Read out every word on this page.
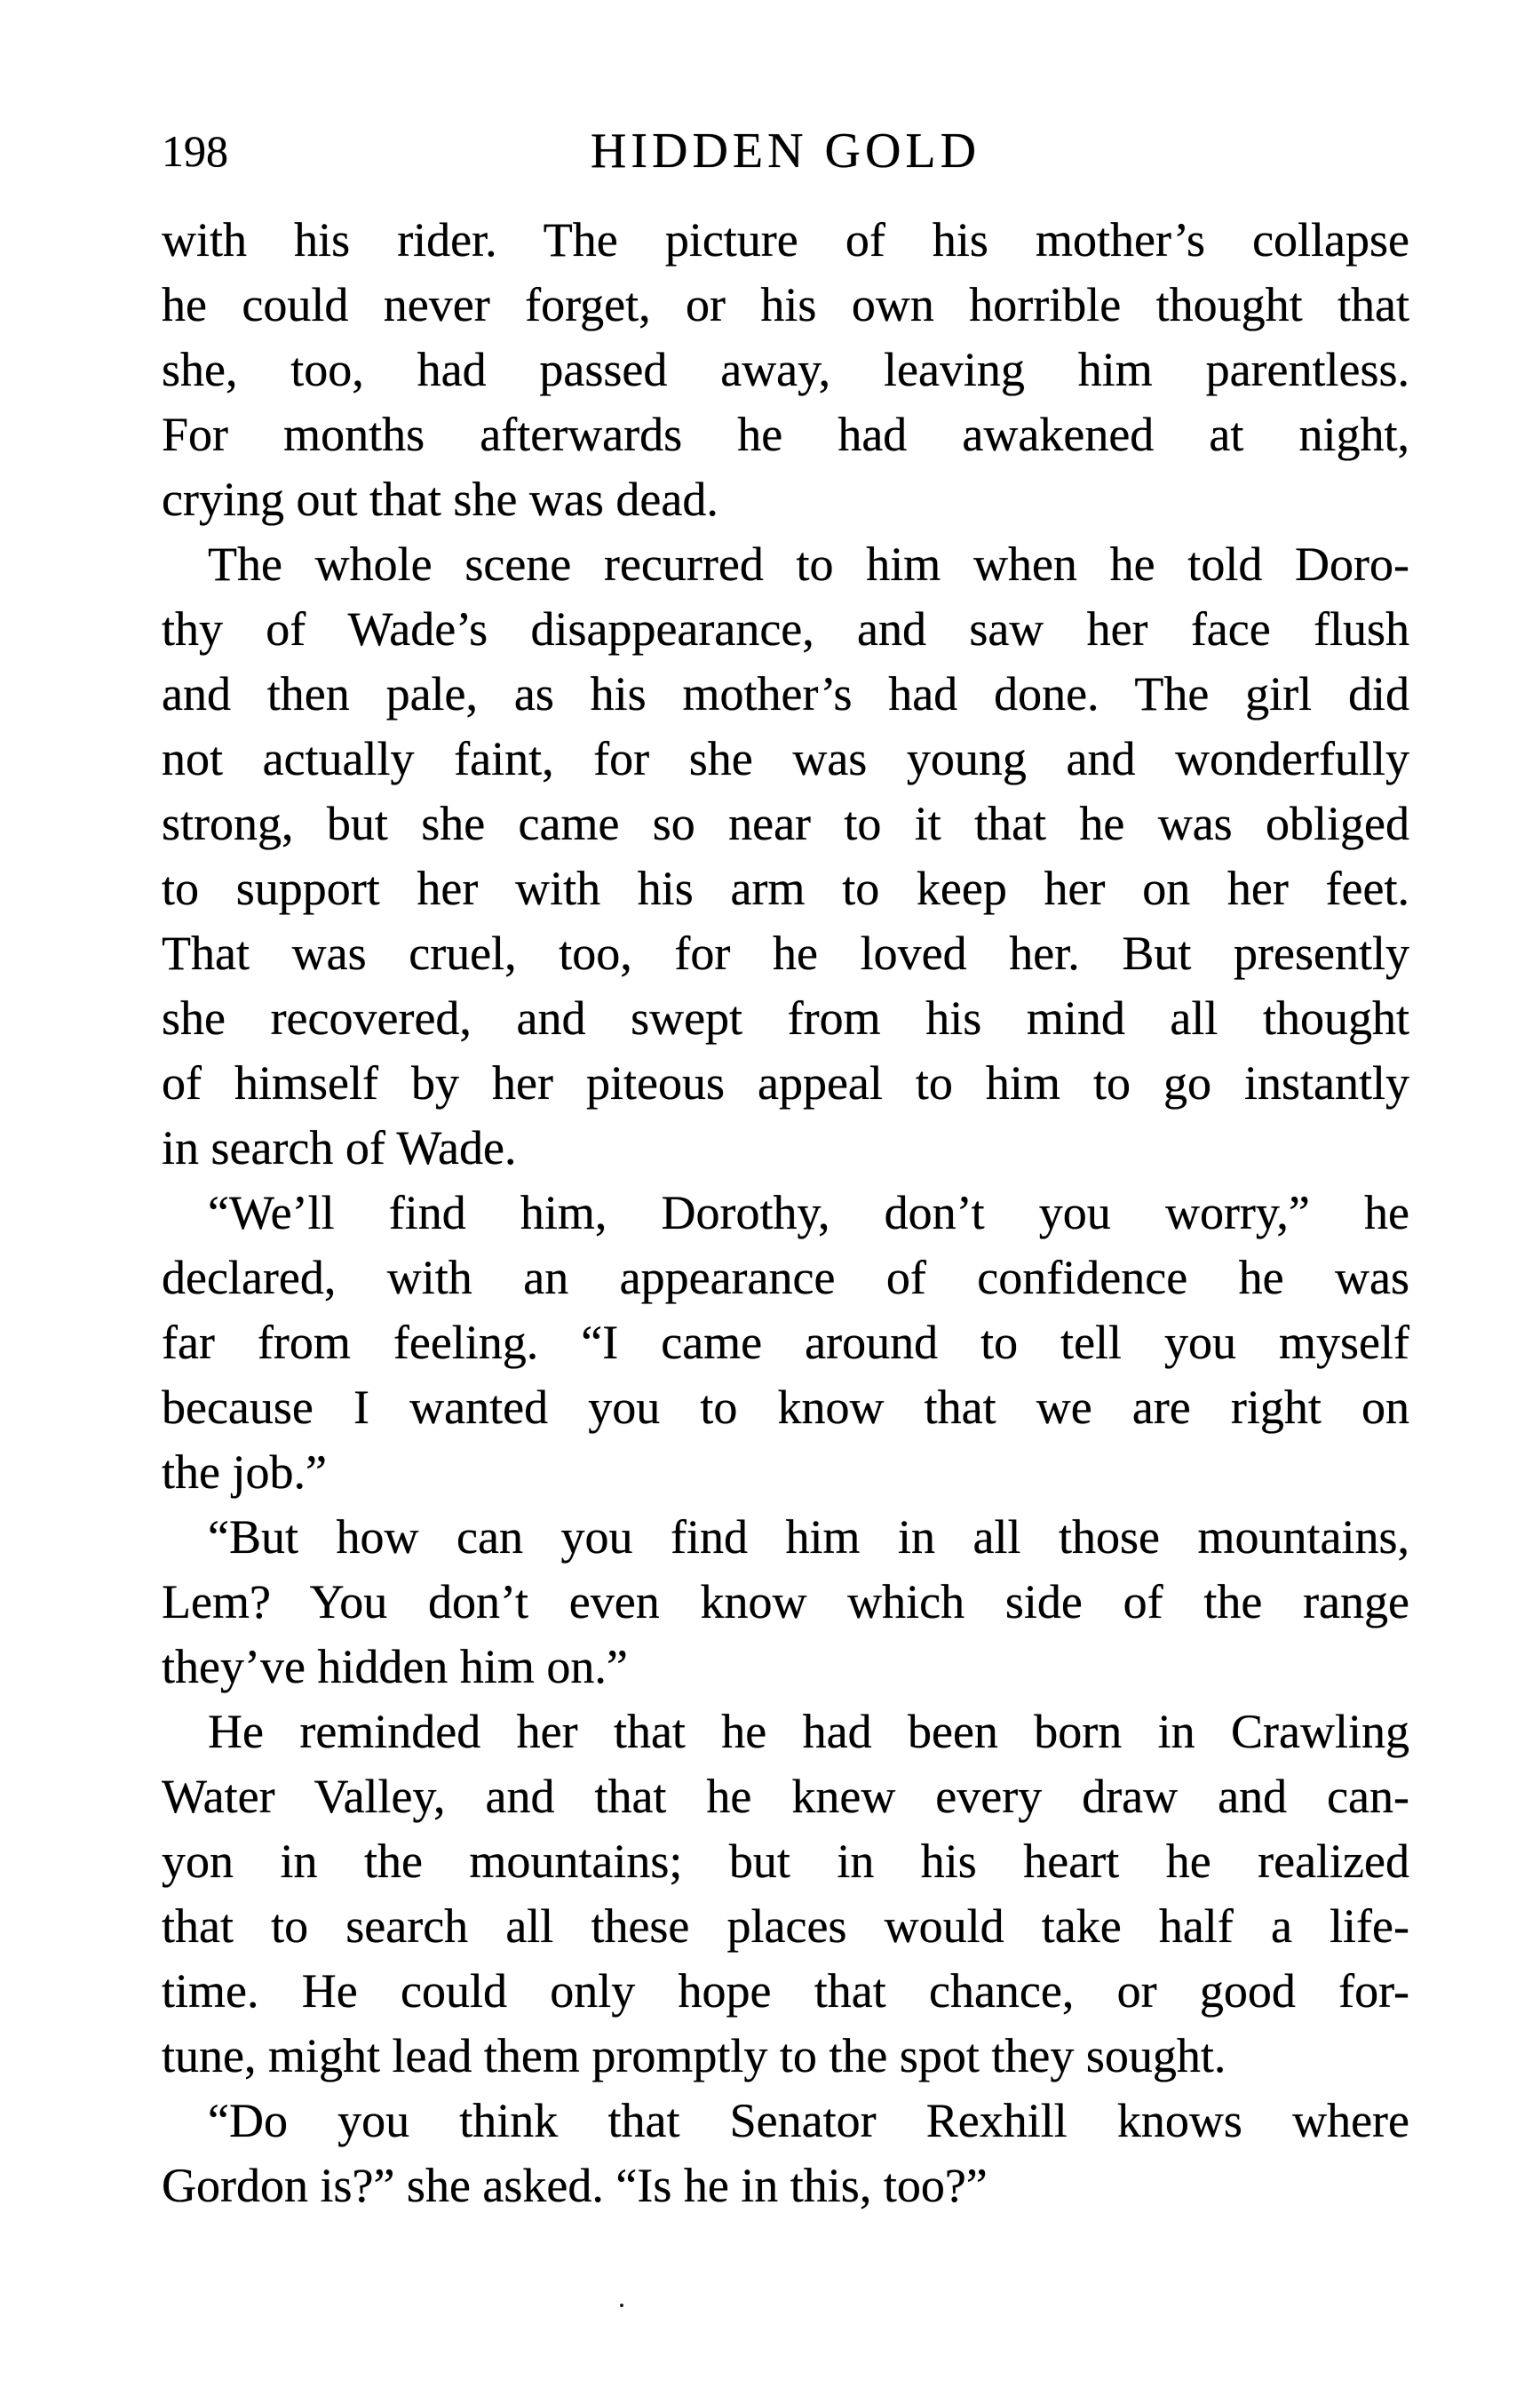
198	HIDDEN GOLD
with his rider. The picture of his mother’s collapse
he could never forget, or his own horrible thought that
she, too, had passed away, leaving him parentless.
For months afterwards he had awakened at night,
crying out that she was dead.
The whole scene recurred to him when he told Doro-
thy of Wade’s disappearance, and saw her face flush
and then pale, as his mother’s had done. The girl did
not actually faint, for she was young and wonderfully
strong, but she came so near to it that he was obliged
to support her with his arm to keep her on her feet.
That was cruel, too, for he loved her. But presently
she recovered, and swept from his mind all thought
of himself by her piteous appeal to him to go instantly
in search of Wade.
“We’ll find him, Dorothy, don’t you worry,” he
declared, with an appearance of confidence he was
far from feeling. “I came around to tell you myself
because I wanted you to know that we are right on
the job.”
“But how can you find him in all those mountains,
Lem? You don’t even know which side of the range
they’ve hidden him on.”
He reminded her that he had been born in Crawling
Water Valley, and that he knew every draw and can-
yon in the mountains; but in his heart he realized
that to search all these places would take half a life-
time. He could only hope that chance, or good for-
tune, might lead them promptly to the spot they sought.
“Do you think that Senator Rexhill knows where
Gordon is?” she asked. “Is he in this, too?”
